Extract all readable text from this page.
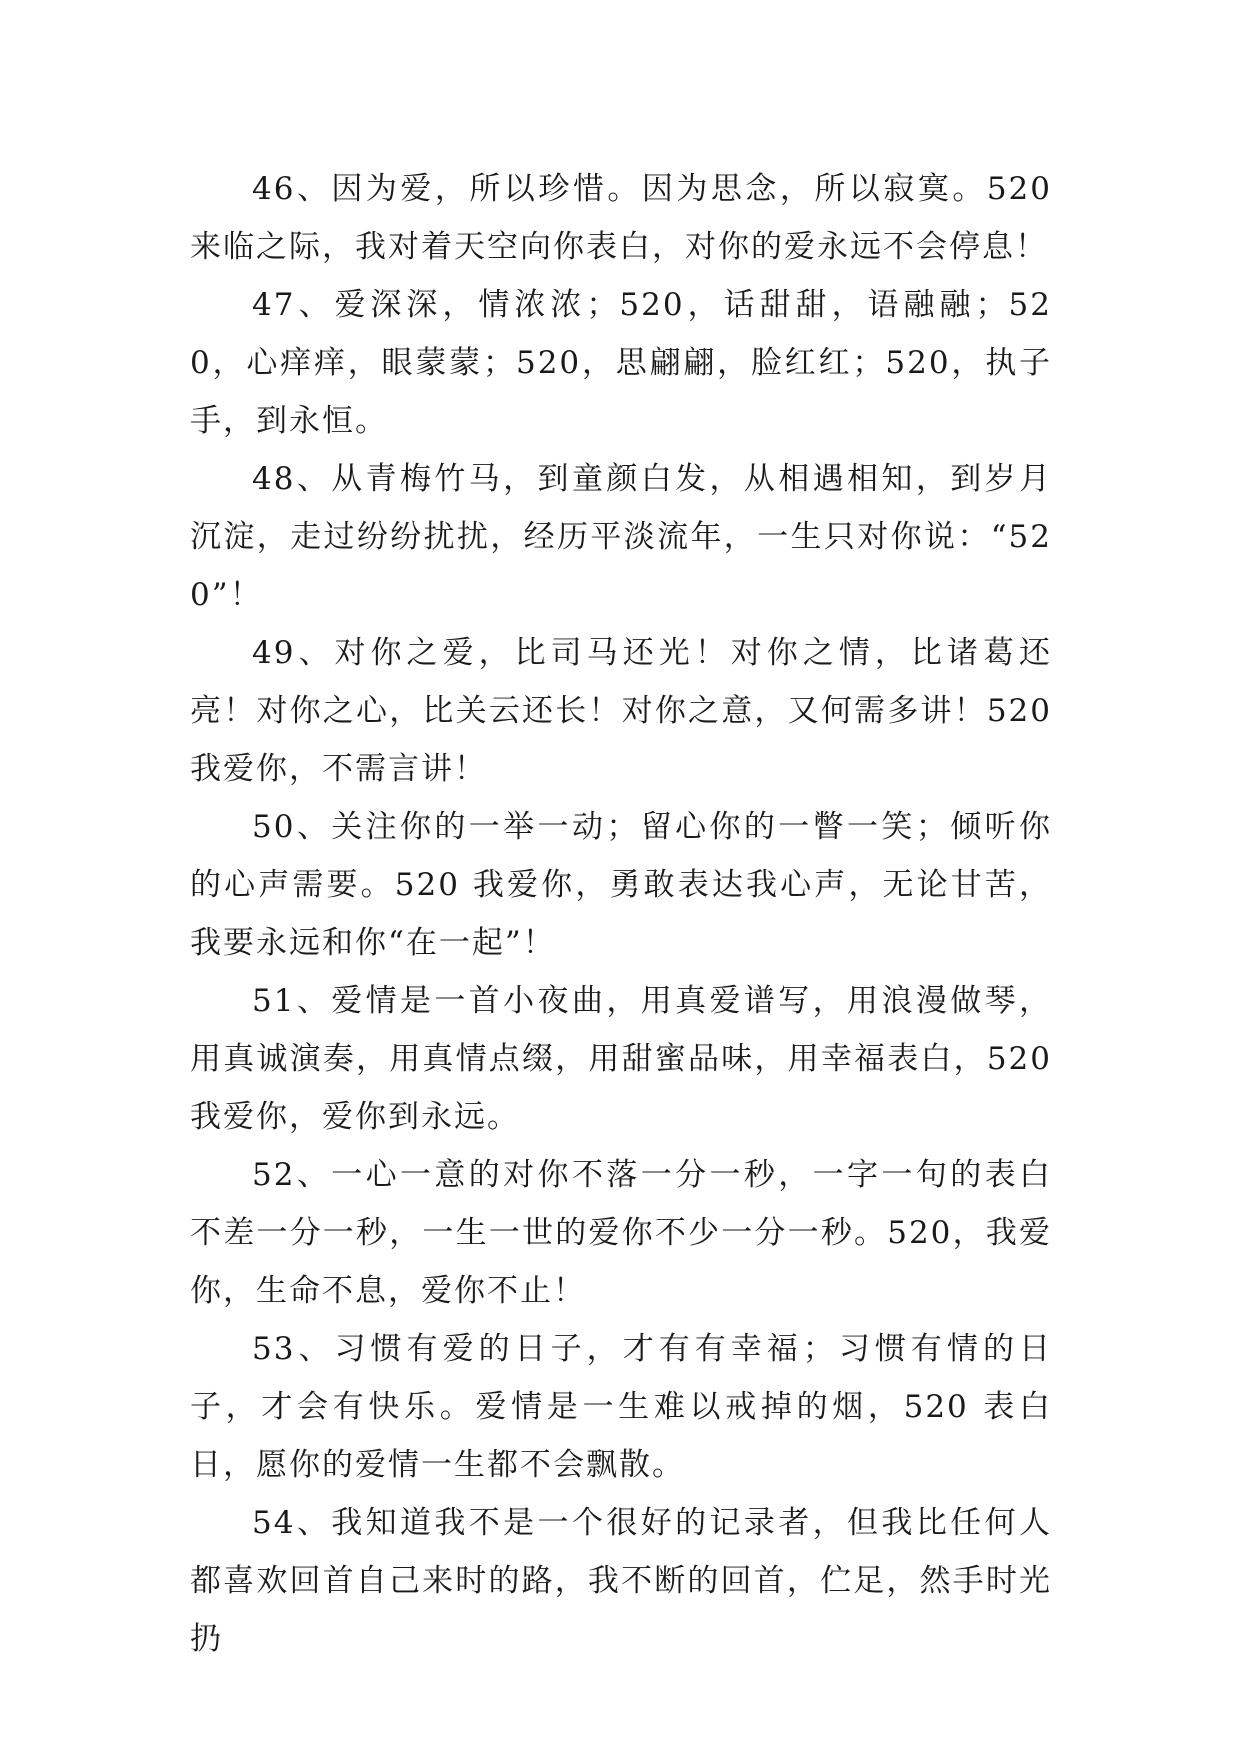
46、因为爱，所以珍惜。因为思念，所以寂寞。520 来临之际，我对着天空向你表白，对你的爱永远不会停息！

47、爱深深，情浓浓；520，话甜甜，语融融；520，心痒痒，眼蒙蒙；520，思翩翩，脸红红；520，执子手，到永恒。

48、从青梅竹马，到童颜白发，从相遇相知，到岁月沉淀，走过纷纷扰扰，经历平淡流年，一生只对你说：“520”！

49、对你之爱，比司马还光！对你之情，比诸葛还亮！对你之心，比关云还长！对你之意，又何需多讲！520 我爱你，不需言讲！

50、关注你的一举一动；留心你的一瞥一笑；倾听你的心声需要。520 我爱你，勇敢表达我心声，无论甘苦，我要永远和你“在一起”！

51、爱情是一首小夜曲，用真爱谱写，用浪漫做琴，用真诚演奏，用真情点缀，用甜蜜品味，用幸福表白，520 我爱你，爱你到永远。

52、一心一意的对你不落一分一秒，一字一句的表白不差一分一秒，一生一世的爱你不少一分一秒。520，我爱你，生命不息，爱你不止！

53、习惯有爱的日子，才有有幸福；习惯有情的日子，才会有快乐。爱情是一生难以戒掉的烟，520 表白日，愿你的爱情一生都不会飘散。

54、我知道我不是一个很好的记录者，但我比任何人都喜欢回首自己来时的路，我不断的回首，伫足，然手时光扔
